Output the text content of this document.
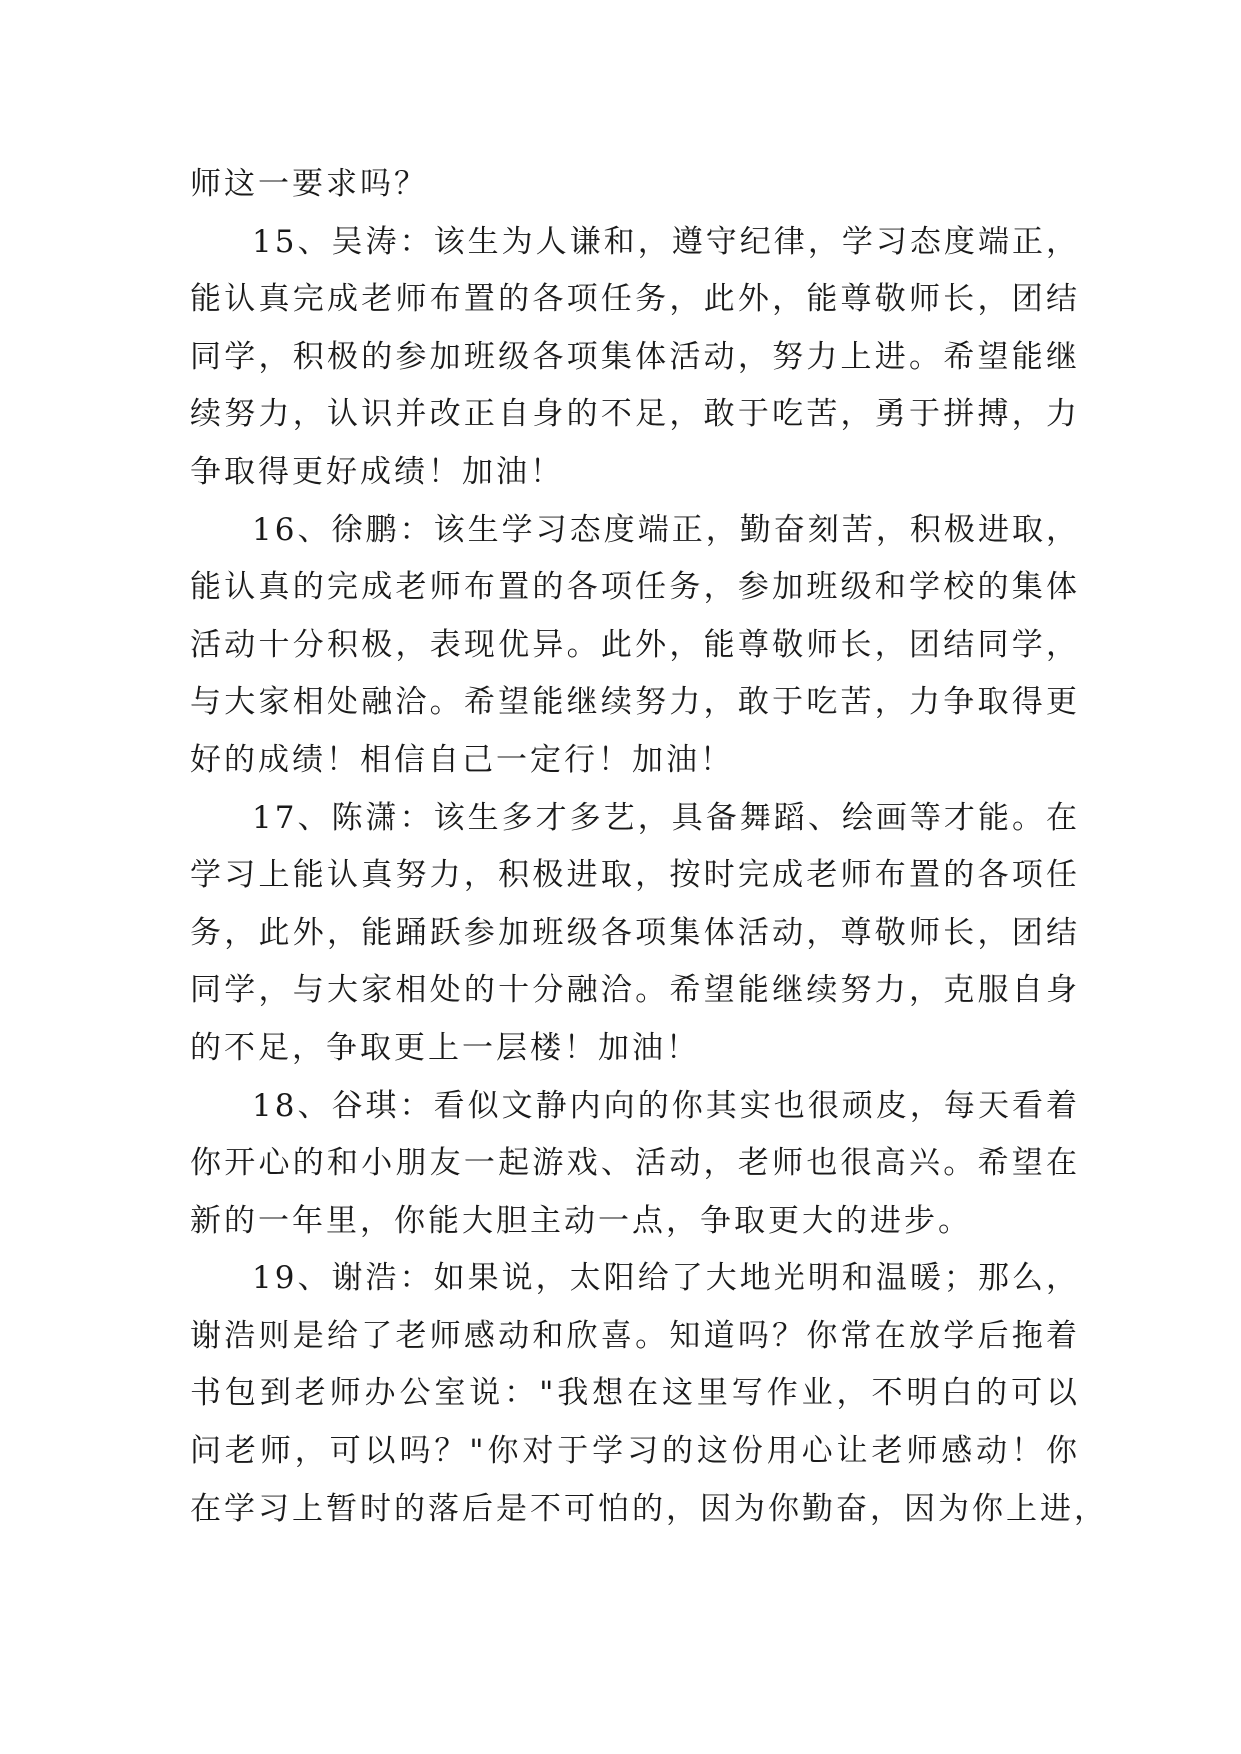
师这一要求吗？
15、吴涛：该生为人谦和，遵守纪律，学习态度端正，
能认真完成老师布置的各项任务，此外，能尊敬师长，团结
同学，积极的参加班级各项集体活动，努力上进。希望能继
续努力，认识并改正自身的不足，敢于吃苦，勇于拼搏，力
争取得更好成绩！加油！
16、徐鹏：该生学习态度端正，勤奋刻苦，积极进取，
能认真的完成老师布置的各项任务，参加班级和学校的集体
活动十分积极，表现优异。此外，能尊敬师长，团结同学，
与大家相处融洽。希望能继续努力，敢于吃苦，力争取得更
好的成绩！相信自己一定行！加油！
17、陈潇：该生多才多艺，具备舞蹈、绘画等才能。在
学习上能认真努力，积极进取，按时完成老师布置的各项任
务，此外，能踊跃参加班级各项集体活动，尊敬师长，团结
同学，与大家相处的十分融洽。希望能继续努力，克服自身
的不足，争取更上一层楼！加油！
18、谷琪：看似文静内向的你其实也很顽皮，每天看着
你开心的和小朋友一起游戏、活动，老师也很高兴。希望在
新的一年里，你能大胆主动一点，争取更大的进步。
19、谢浩：如果说，太阳给了大地光明和温暖；那么，
谢浩则是给了老师感动和欣喜。知道吗？你常在放学后拖着
书包到老师办公室说："我想在这里写作业，不明白的可以
问老师，可以吗？"你对于学习的这份用心让老师感动！你
在学习上暂时的落后是不可怕的，因为你勤奋，因为你上进，
